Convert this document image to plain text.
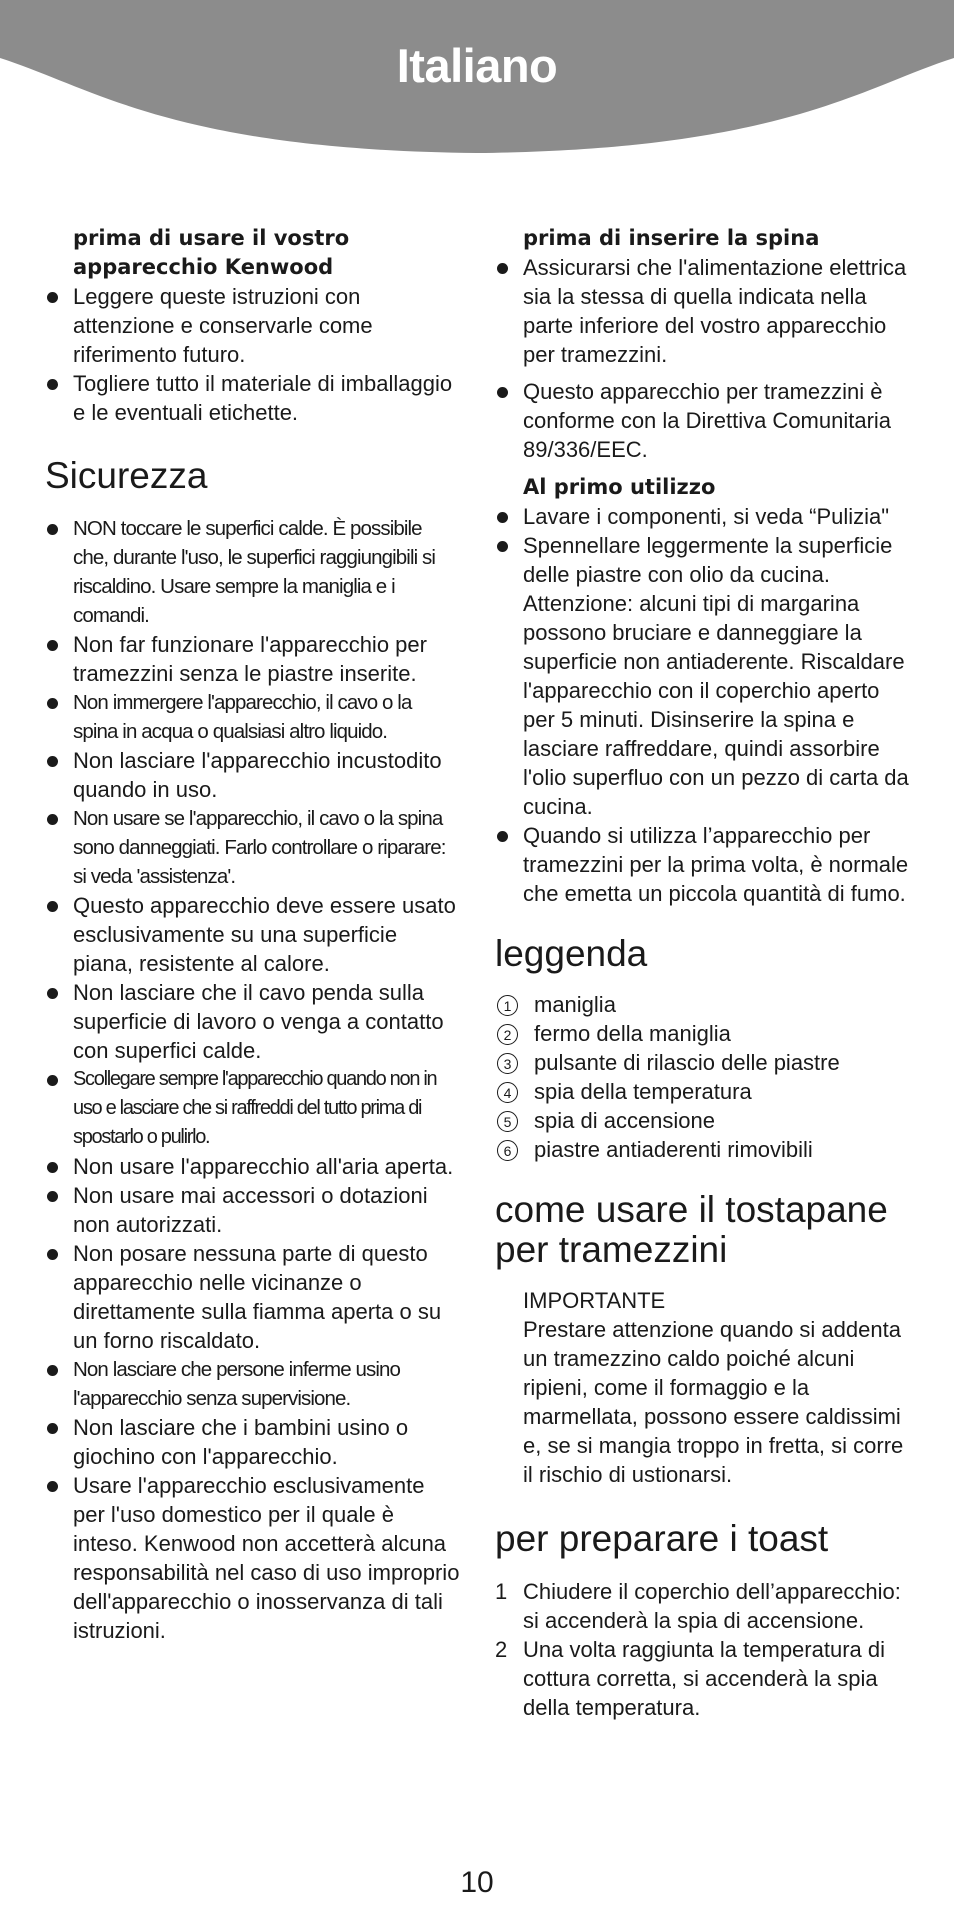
Italiano

prima di usare il vostro apparecchio Kenwood

Leggere queste istruzioni con attenzione e conservarle come riferimento futuro.
Togliere tutto il materiale di imballaggio e le eventuali etichette.
Sicurezza
NON toccare le superfici calde. È possibile che, durante l'uso, le superfici raggiungibili si riscaldino. Usare sempre la maniglia e i comandi.
Non far funzionare l'apparecchio per tramezzini senza le piastre inserite.
Non immergere l'apparecchio, il cavo o la spina in acqua o qualsiasi altro liquido.
Non lasciare l'apparecchio incustodito quando in uso.
Non usare se l'apparecchio, il cavo o la spina sono danneggiati. Farlo controllare o riparare: si veda 'assistenza'.
Questo apparecchio deve essere usato esclusivamente su una superficie piana, resistente al calore.
Non lasciare che il cavo penda sulla superficie di lavoro o venga a contatto con superfici calde.
Scollegare sempre l'apparecchio quando non in uso e lasciare che si raffreddi del tutto prima di spostarlo o pulirlo.
Non usare l'apparecchio all'aria aperta.
Non usare mai accessori o dotazioni non autorizzati.
Non posare nessuna parte di questo apparecchio nelle vicinanze o direttamente sulla fiamma aperta o su un forno riscaldato.
Non lasciare che persone inferme usino l'apparecchio senza supervisione.
Non lasciare che i bambini usino o giochino con l'apparecchio.
Usare l'apparecchio esclusivamente per l'uso domestico per il quale è inteso. Kenwood non accetterà alcuna responsabilità nel caso di uso improprio dell'apparecchio o inosservanza di tali istruzioni.

prima di inserire la spina

Assicurarsi che l'alimentazione elettrica sia la stessa di quella indicata nella parte inferiore del vostro apparecchio per tramezzini.
Questo apparecchio per tramezzini è conforme con la Direttiva Comunitaria 89/336/EEC.

Al primo utilizzo

Lavare i componenti, si veda “Pulizia"
Spennellare leggermente la superficie delle piastre con olio da cucina. Attenzione: alcuni tipi di margarina possono bruciare e danneggiare la superficie non antiaderente. Riscaldare l'apparecchio con il coperchio aperto per 5 minuti. Disinserire la spina e lasciare raffreddare, quindi assorbire l'olio superfluo con un pezzo di carta da cucina.
Quando si utilizza l’apparecchio per tramezzini per la prima volta, è normale che emetta un piccola quantità di fumo.
leggenda
1 maniglia
2 fermo della maniglia
3 pulsante di rilascio delle piastre
4 spia della temperatura
5 spia di accensione
6 piastre antiaderenti rimovibili
come usare il tostapane per tramezzini

IMPORTANTE

Prestare attenzione quando si addenta un tramezzino caldo poiché alcuni ripieni, come il formaggio e la marmellata, possono essere caldissimi e, se si mangia troppo in fretta, si corre il rischio di ustionarsi.

per preparare i toast
1 Chiudere il coperchio dell’apparecchio: si accenderà la spia di accensione.
2 Una volta raggiunta la temperatura di cottura corretta, si accenderà la spia della temperatura.
10
